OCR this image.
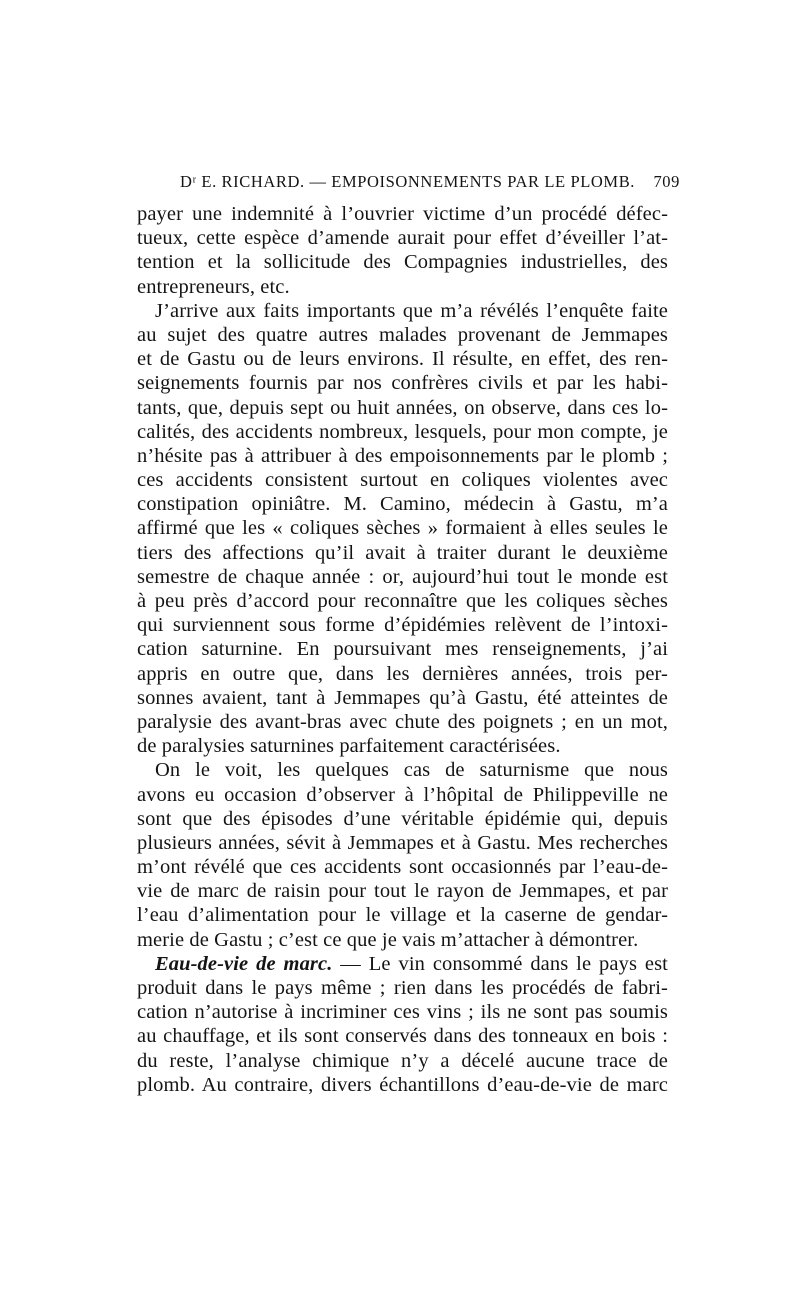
Dʳ E. RICHARD. — EMPOISONNEMENTS PAR LE PLOMB. 709
payer une indemnité à l’ouvrier victime d’un procédé défec-
tueux, cette espèce d’amende aurait pour effet d’éveiller l’at-
tention et la sollicitude des Compagnies industrielles, des
entrepreneurs, etc.
J’arrive aux faits importants que m’a révélés l’enquête faite
au sujet des quatre autres malades provenant de Jemmapes
et de Gastu ou de leurs environs. Il résulte, en effet, des ren-
seignements fournis par nos confrères civils et par les habi-
tants, que, depuis sept ou huit années, on observe, dans ces lo-
calités, des accidents nombreux, lesquels, pour mon compte, je
n’hésite pas à attribuer à des empoisonnements par le plomb ;
ces accidents consistent surtout en coliques violentes avec
constipation opiniâtre. M. Camino, médecin à Gastu, m’a
affirmé que les « coliques sèches » formaient à elles seules le
tiers des affections qu’il avait à traiter durant le deuxième
semestre de chaque année : or, aujourd’hui tout le monde est
à peu près d’accord pour reconnaître que les coliques sèches
qui surviennent sous forme d’épidémies relèvent de l’intoxi-
cation saturnine. En poursuivant mes renseignements, j’ai
appris en outre que, dans les dernières années, trois per-
sonnes avaient, tant à Jemmapes qu’à Gastu, été atteintes de
paralysie des avant-bras avec chute des poignets ; en un mot,
de paralysies saturnines parfaitement caractérisées.
On le voit, les quelques cas de saturnisme que nous
avons eu occasion d’observer à l’hôpital de Philippeville ne
sont que des épisodes d’une véritable épidémie qui, depuis
plusieurs années, sévit à Jemmapes et à Gastu. Mes recherches
m’ont révélé que ces accidents sont occasionnés par l’eau-de-
vie de marc de raisin pour tout le rayon de Jemmapes, et par
l’eau d’alimentation pour le village et la caserne de gendar-
merie de Gastu ; c’est ce que je vais m’attacher à démontrer.
Eau-de-vie de marc. — Le vin consommé dans le pays est
produit dans le pays même ; rien dans les procédés de fabri-
cation n’autorise à incriminer ces vins ; ils ne sont pas soumis
au chauffage, et ils sont conservés dans des tonneaux en bois :
du reste, l’analyse chimique n’y a décelé aucune trace de
plomb. Au contraire, divers échantillons d’eau-de-vie de marc
